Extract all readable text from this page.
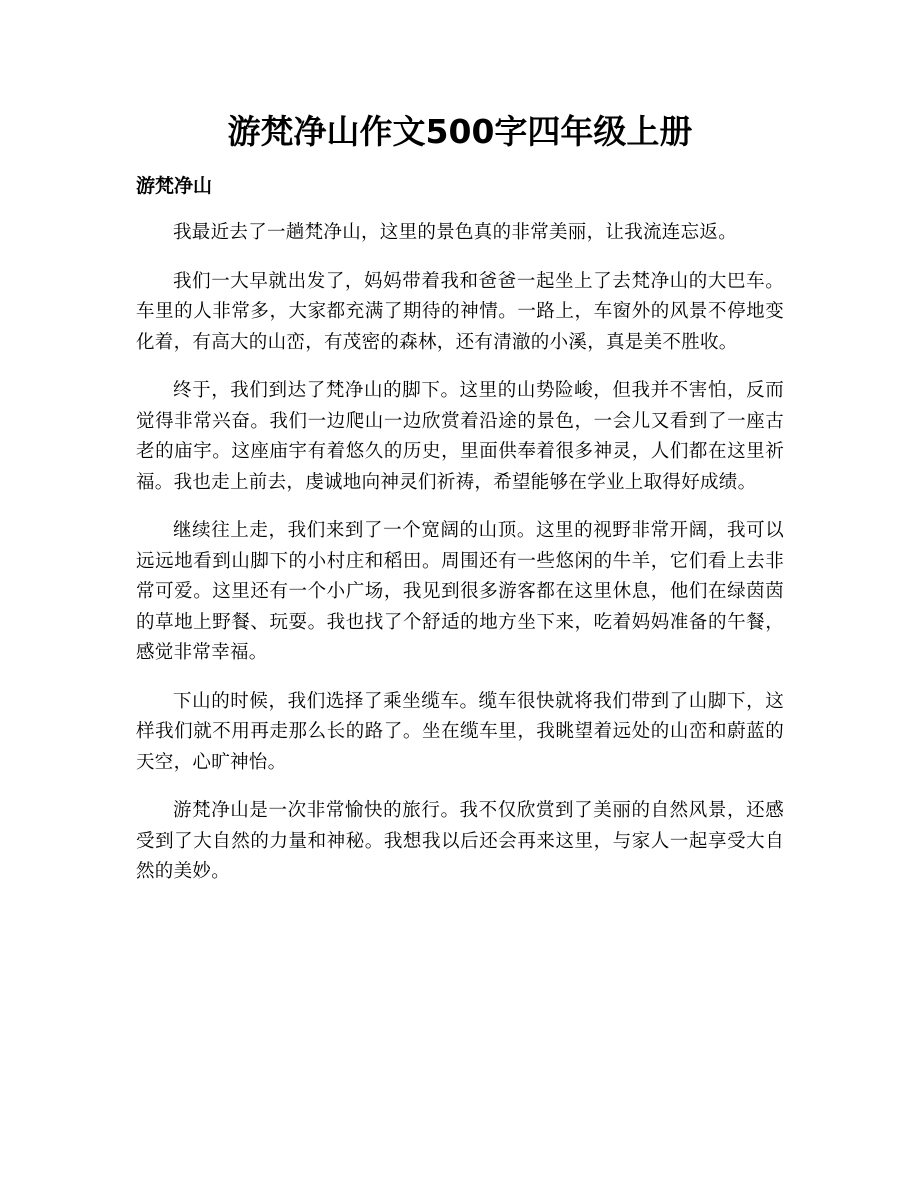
游梵净山作文500字四年级上册
游梵净山

我最近去了一趟梵净山，这里的景色真的非常美丽，让我流连忘返。

我们一大早就出发了，妈妈带着我和爸爸一起坐上了去梵净山的大巴车。车里的人非常多，大家都充满了期待的神情。一路上，车窗外的风景不停地变化着，有高大的山峦，有茂密的森林，还有清澈的小溪，真是美不胜收。

终于，我们到达了梵净山的脚下。这里的山势险峻，但我并不害怕，反而觉得非常兴奋。我们一边爬山一边欣赏着沿途的景色，一会儿又看到了一座古老的庙宇。这座庙宇有着悠久的历史，里面供奉着很多神灵，人们都在这里祈福。我也走上前去，虔诚地向神灵们祈祷，希望能够在学业上取得好成绩。

继续往上走，我们来到了一个宽阔的山顶。这里的视野非常开阔，我可以远远地看到山脚下的小村庄和稻田。周围还有一些悠闲的牛羊，它们看上去非常可爱。这里还有一个小广场，我见到很多游客都在这里休息，他们在绿茵茵的草地上野餐、玩耍。我也找了个舒适的地方坐下来，吃着妈妈准备的午餐，感觉非常幸福。

下山的时候，我们选择了乘坐缆车。缆车很快就将我们带到了山脚下，这样我们就不用再走那么长的路了。坐在缆车里，我眺望着远处的山峦和蔚蓝的天空，心旷神怡。

游梵净山是一次非常愉快的旅行。我不仅欣赏到了美丽的自然风景，还感受到了大自然的力量和神秘。我想我以后还会再来这里，与家人一起享受大自然的美妙。
